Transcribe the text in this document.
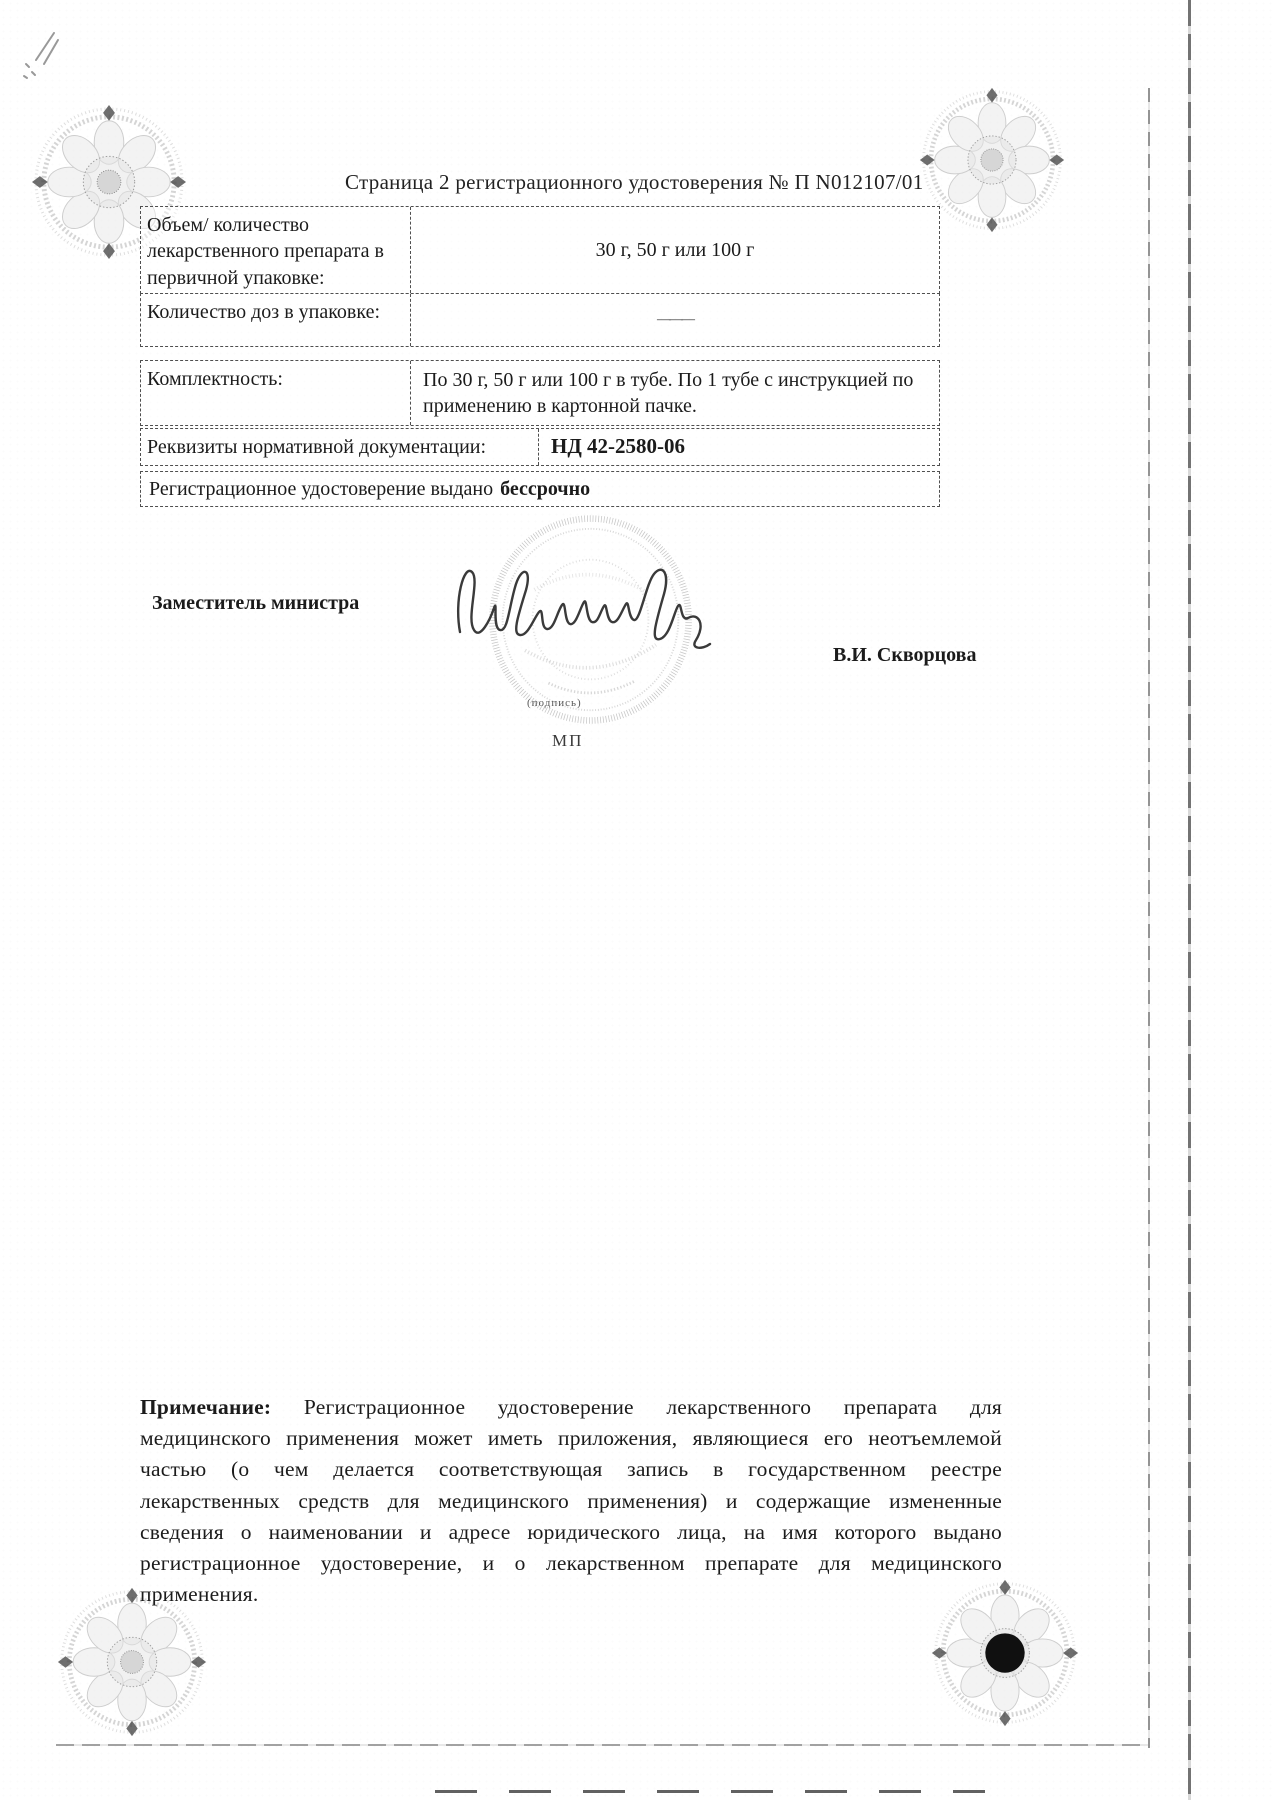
Страница 2 регистрационного удостоверения № П N012107/01
Объем/ количество лекарственного препарата в первичной упаковке:
30 г, 50 г или 100 г
Количество доз в упаковке:	———
Комплектность:	По 30 г, 50 г или 100 г в тубе. По 1 тубе с инструкцией по применению в картонной пачке.
Реквизиты нормативной документации:	НД 42-2580-06
Регистрационное удостоверение выдано бессрочно
Заместитель министра
(подпись)
МП
В.И. Скворцова
Примечание: Регистрационное удостоверение лекарственного препарата для медицинского применения может иметь приложения, являющиеся его неотъемлемой частью (о чем делается соответствующая запись в государственном реестре лекарственных средств для медицинского применения) и содержащие измененные сведения о наименовании и адресе юридического лица, на имя которого выдано регистрационное удостоверение, и о лекарственном препарате для медицинского применения.
